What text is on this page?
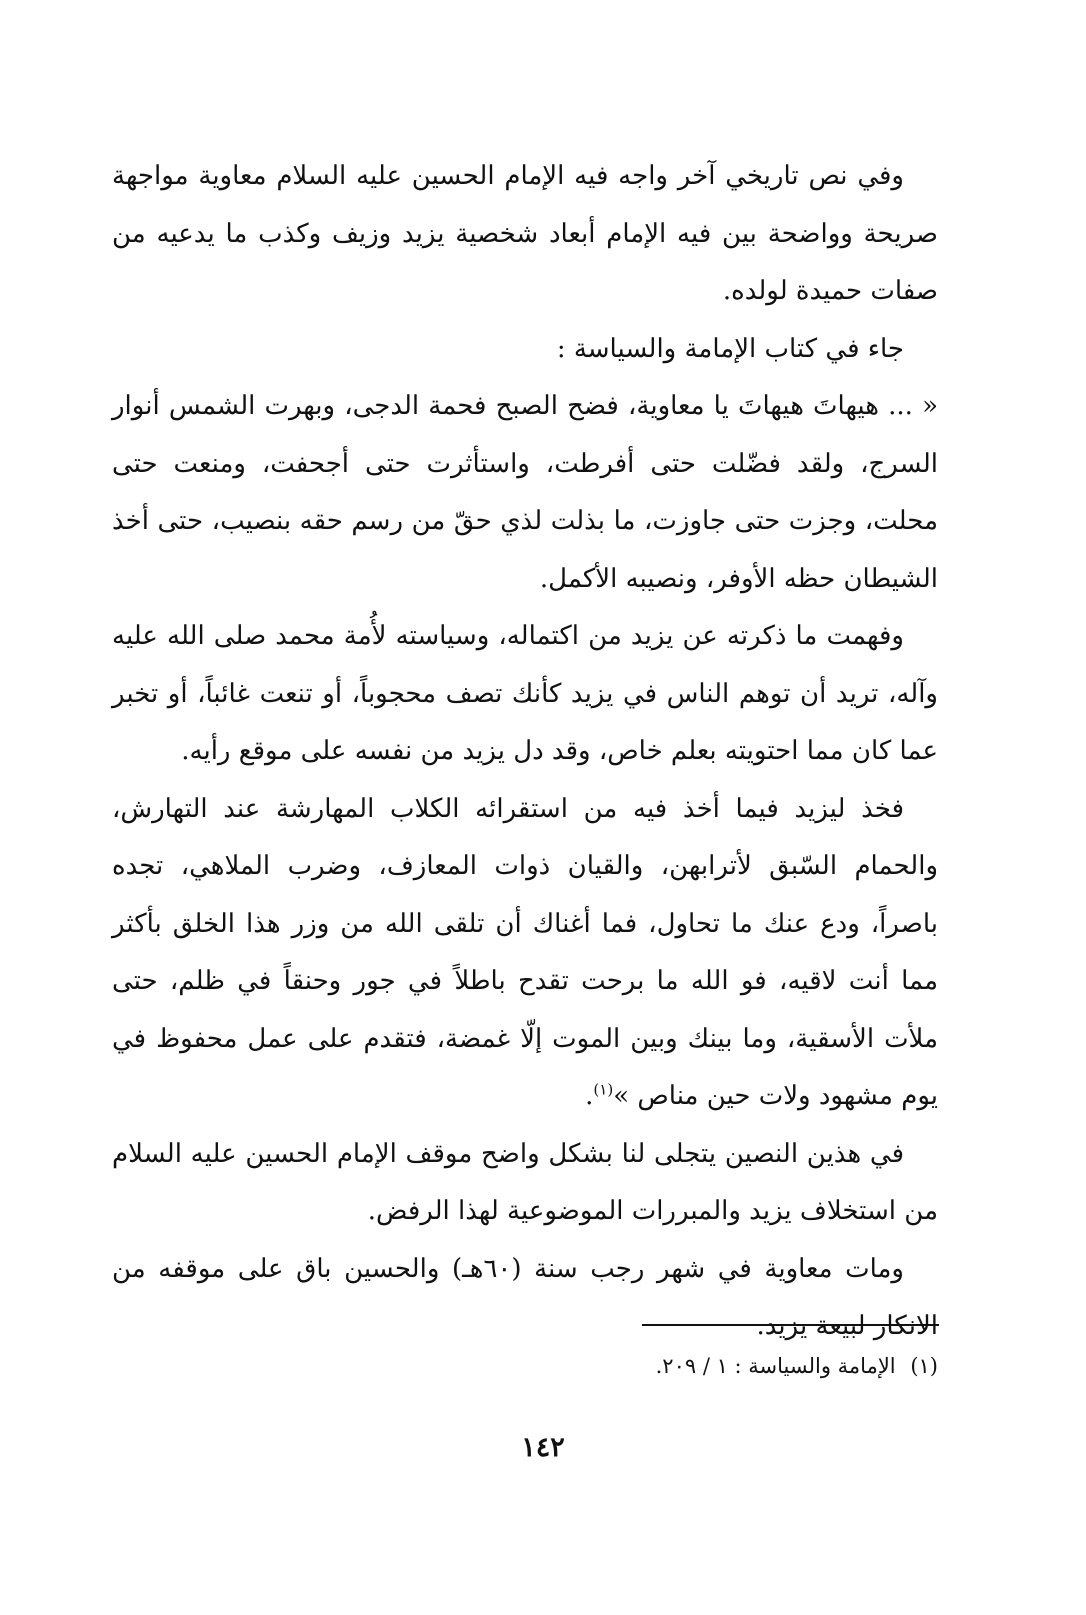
وفي نص تاريخي آخر واجه فيه الإمام الحسين عليه السلام معاوية مواجهة صريحة وواضحة بين فيه الإمام أبعاد شخصية يزيد وزيف وكذب ما يدعيه من صفات حميدة لولده.

جاء في كتاب الإمامة والسياسة :

« ... هيهاتَ هيهاتَ يا معاوية، فضح الصبح فحمة الدجى، وبهرت الشمس أنوار السرج، ولقد فضّلت حتى أفرطت، واستأثرت حتى أجحفت، ومنعت حتى محلت، وجزت حتى جاوزت، ما بذلت لذي حقّ من رسم حقه بنصيب، حتى أخذ الشيطان حظه الأوفر، ونصيبه الأكمل.

وفهمت ما ذكرته عن يزيد من اكتماله، وسياسته لأُمة محمد صلى الله عليه وآله، تريد أن توهم الناس في يزيد كأنك تصف محجوباً، أو تنعت غائباً، أو تخبر عما كان مما احتويته بعلم خاص، وقد دل يزيد من نفسه على موقع رأيه.

فخذ ليزيد فيما أخذ فيه من استقرائه الكلاب المهارشة عند التهارش، والحمام السّبق لأترابهن، والقيان ذوات المعازف، وضرب الملاهي، تجده باصراً، ودع عنك ما تحاول، فما أغناك أن تلقى الله من وزر هذا الخلق بأكثر مما أنت لاقيه، فو الله ما برحت تقدح باطلاً في جور وحنقاً في ظلم، حتى ملأت الأسقية، وما بينك وبين الموت إلّا غمضة، فتقدم على عمل محفوظ في يوم مشهود ولات حين مناص »$^{(١)}$.

في هذين النصين يتجلى لنا بشكل واضح موقف الإمام الحسين عليه السلام من استخلاف يزيد والمبررات الموضوعية لهذا الرفض.

ومات معاوية في شهر رجب سنة (٦٠هـ) والحسين باق على موقفه من الانكار لبيعة يزيد.

(١) الإمامة والسياسة : ١ / ٢٠٩.
١٤٢
